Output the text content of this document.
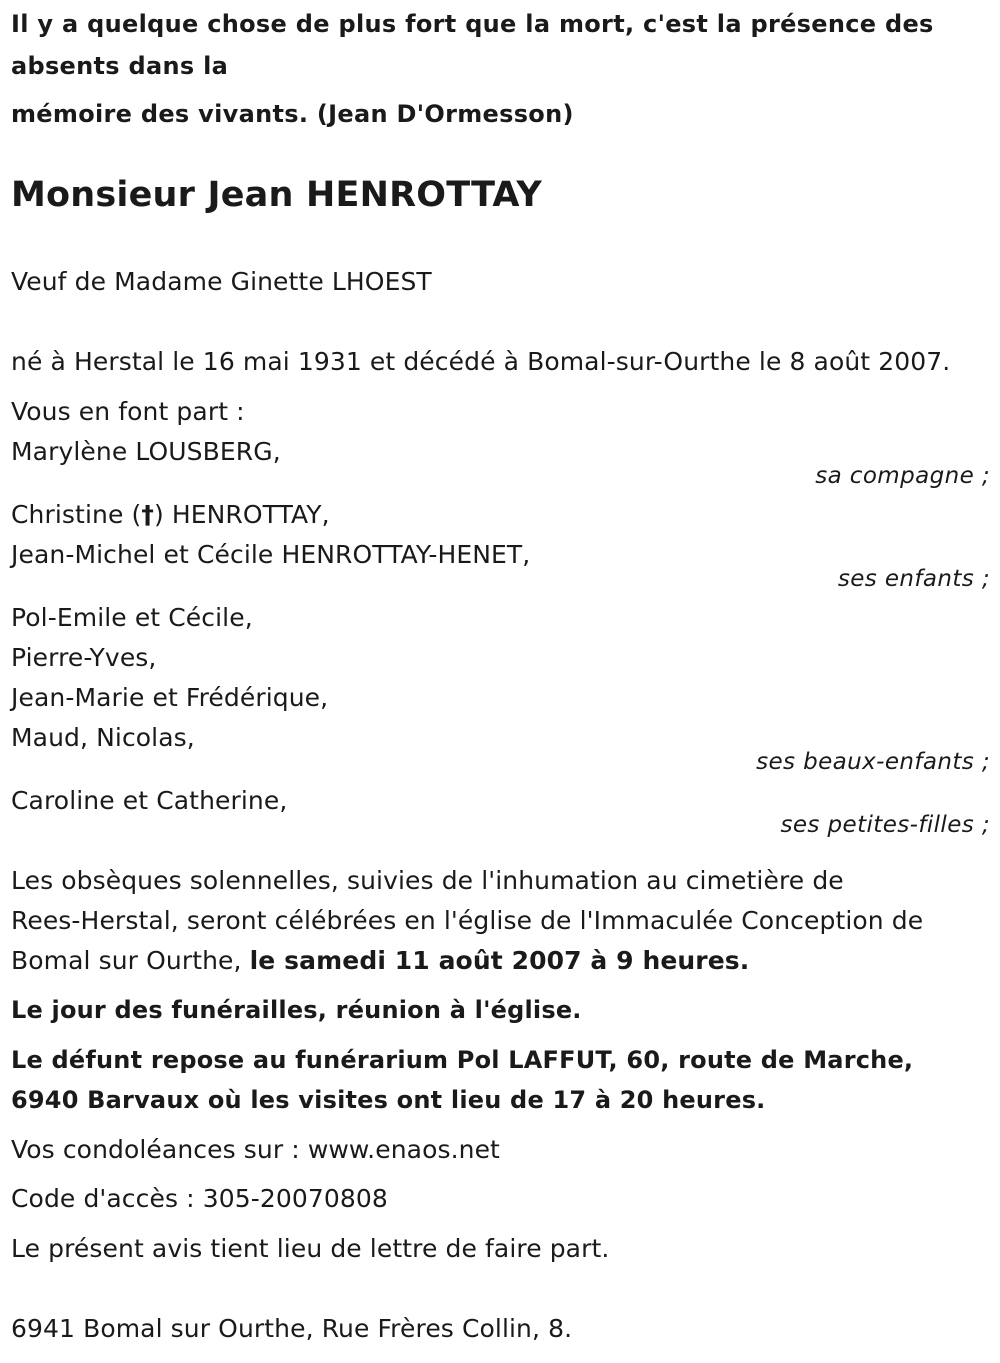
Il y a quelque chose de plus fort que la mort, c'est la présence des
absents dans la
mémoire des vivants. (Jean D'Ormesson)
Monsieur Jean HENROTTAY
Veuf de Madame Ginette LHOEST
né à Herstal le 16 mai 1931 et décédé à Bomal-sur-Ourthe le 8 août 2007.
Vous en font part :
Marylène LOUSBERG,
sa compagne ;
Christine (†) HENROTTAY,
Jean-Michel et Cécile HENROTTAY-HENET,
ses enfants ;
Pol-Emile et Cécile,
Pierre-Yves,
Jean-Marie et Frédérique,
Maud, Nicolas,
ses beaux-enfants ;
Caroline et Catherine,
ses petites-filles ;
Les obsèques solennelles, suivies de l'inhumation au cimetière de
Rees-Herstal, seront célébrées en l'église de l'Immaculée Conception de
Bomal sur Ourthe, le samedi 11 août 2007 à 9 heures.
Le jour des funérailles, réunion à l'église.
Le défunt repose au funérarium Pol LAFFUT, 60, route de Marche,
6940 Barvaux où les visites ont lieu de 17 à 20 heures.
Vos condoléances sur : www.enaos.net
Code d'accès : 305-20070808
Le présent avis tient lieu de lettre de faire part.
6941 Bomal sur Ourthe, Rue Frères Collin, 8.
